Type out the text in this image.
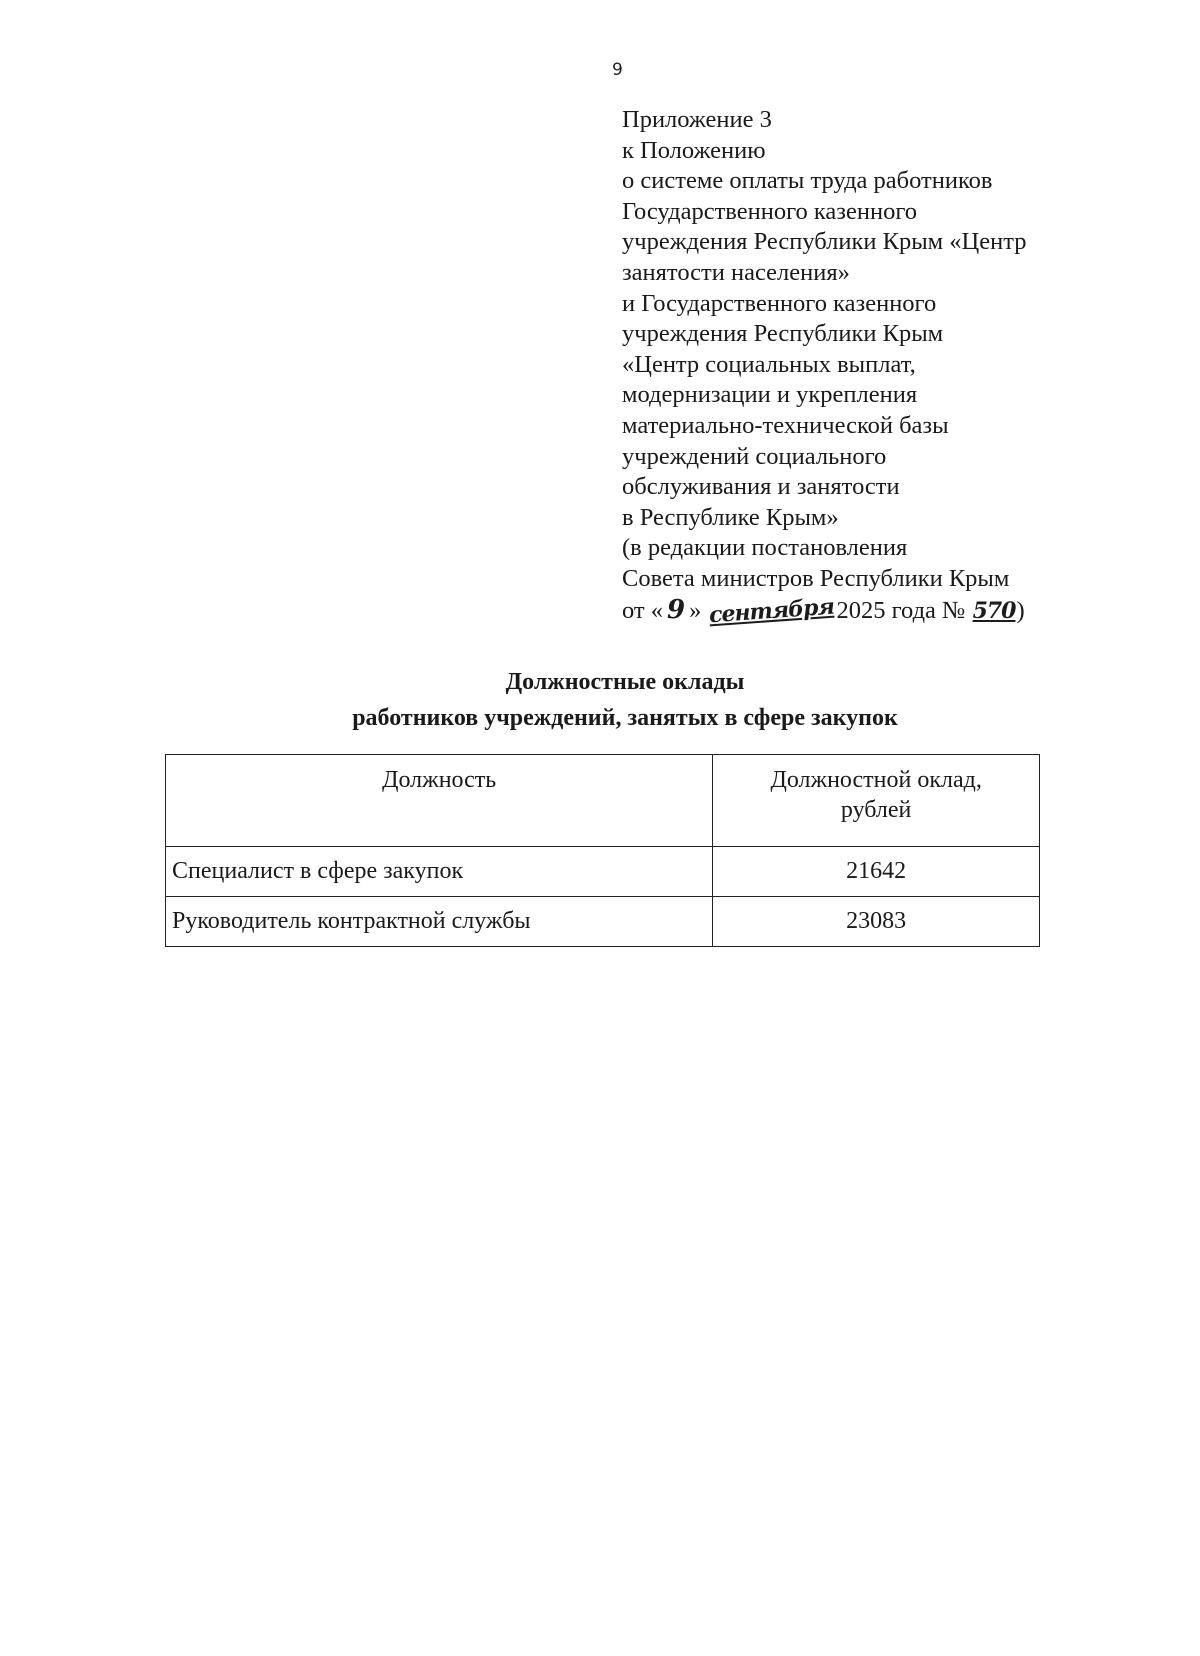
9
Приложение 3
к Положению
о системе оплаты труда работников
Государственного казенного
учреждения Республики Крым «Центр
занятости населения»
и Государственного казенного
учреждения Республики Крым
«Центр социальных выплат,
модернизации и укрепления
материально-технической базы
учреждений социального
обслуживания и занятости
в Республике Крым»
(в редакции постановления
Совета министров Республики Крым
от « 9 » сентября2025 года № 570)
Должностные оклады
работников учреждений, занятых в сфере закупок
Должность	Должностной оклад,
рублей
Специалист в сфере закупок	21642
Руководитель контрактной службы	23083
